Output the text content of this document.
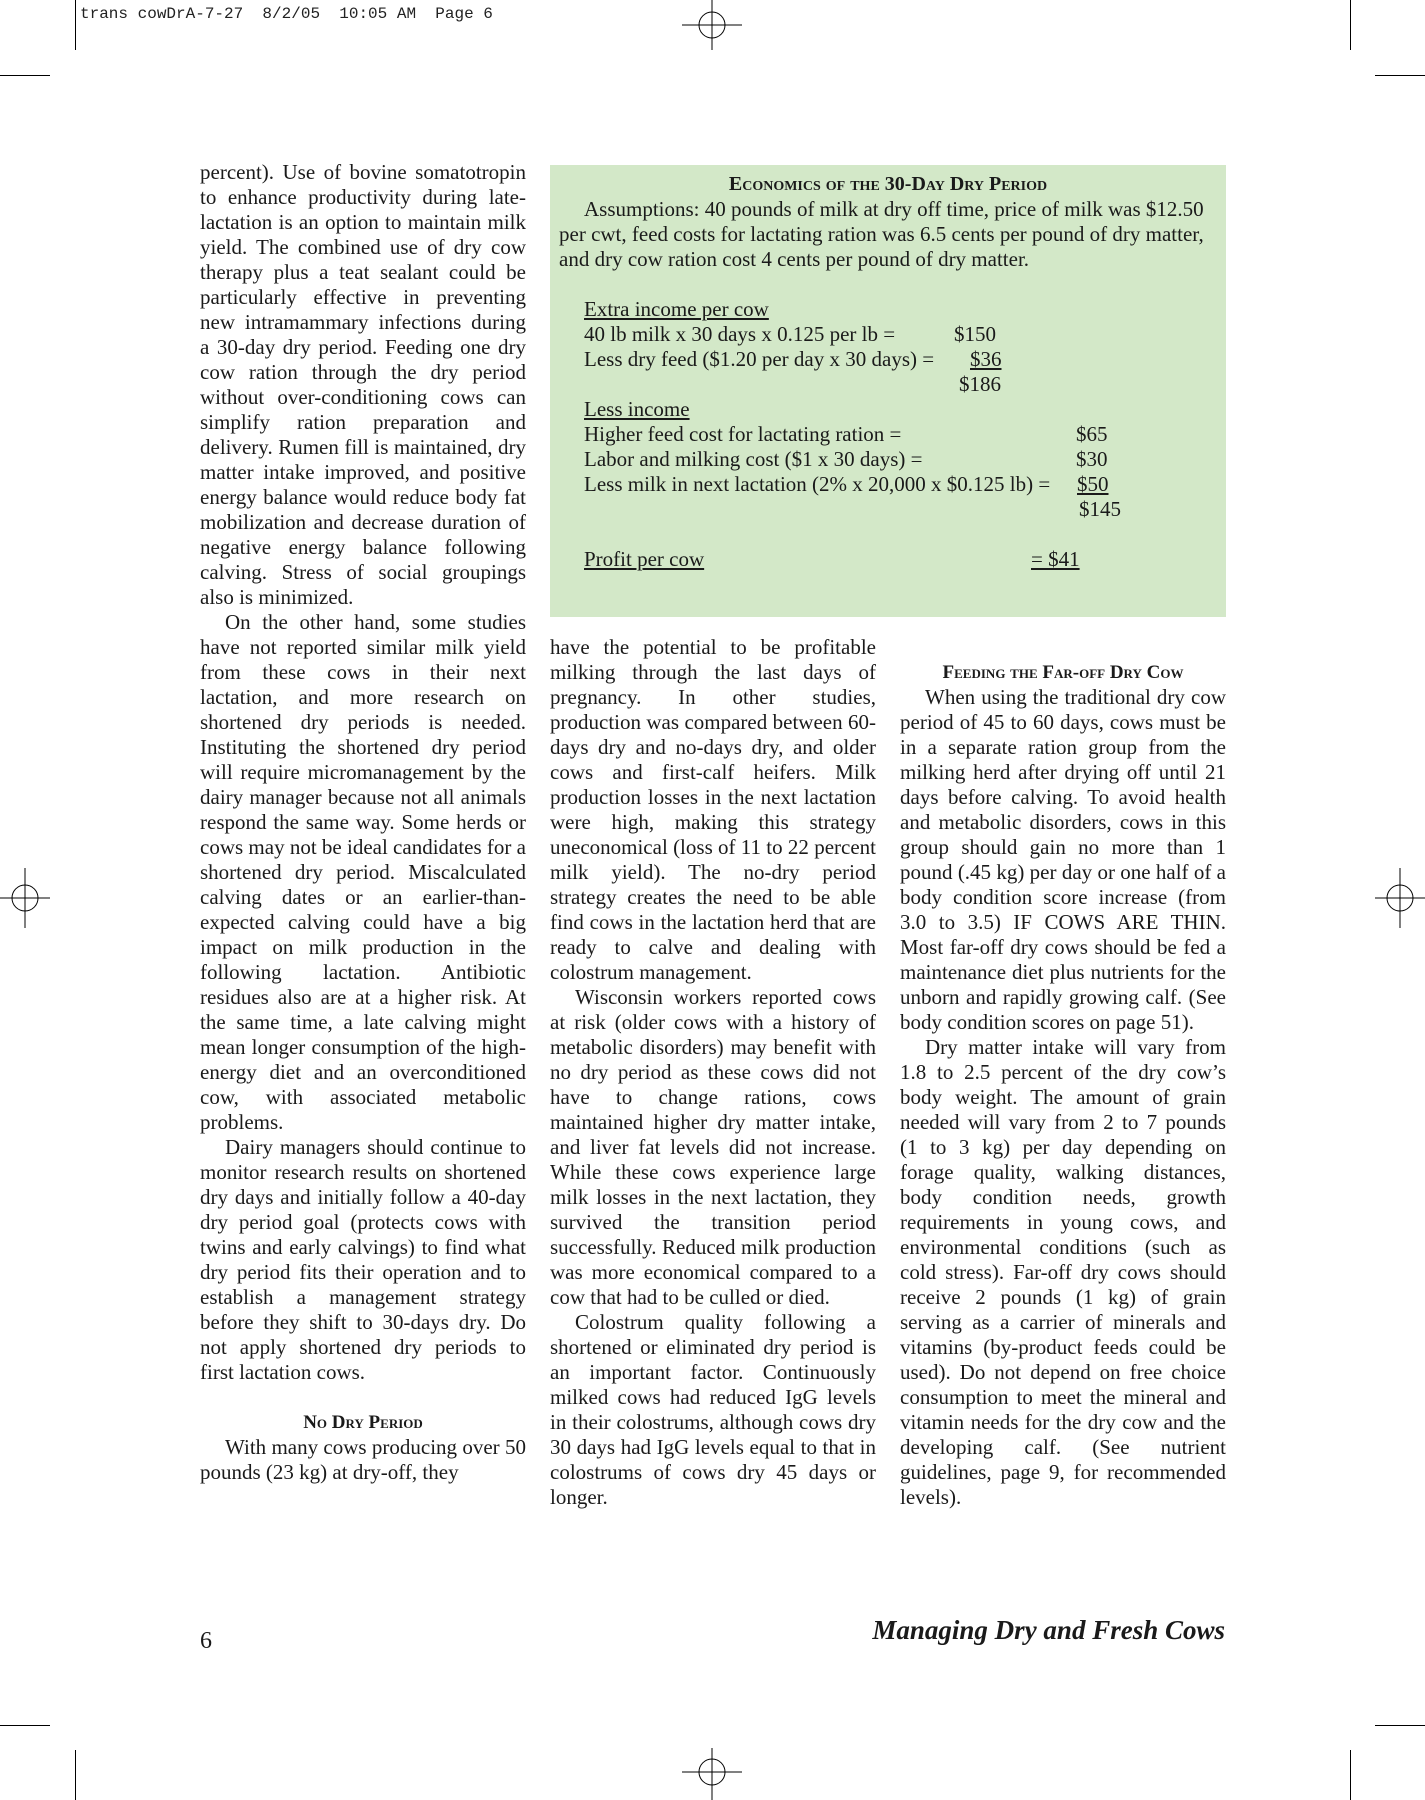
trans cowDrA-7-27  8/2/05  10:05 AM  Page 6

percent). Use of bovine somatotropin to enhance productivity during late-lactation is an option to maintain milk yield. The combined use of dry cow therapy plus a teat sealant could be particularly effective in preventing new intramammary infections during a 30-day dry period. Feeding one dry cow ration through the dry period without over-conditioning cows can simplify ration preparation and delivery. Rumen fill is maintained, dry matter intake improved, and positive energy balance would reduce body fat mobilization and decrease duration of negative energy balance following calving. Stress of social groupings also is minimized.

On the other hand, some studies have not reported similar milk yield from these cows in their next lactation, and more research on shortened dry periods is needed. Instituting the shortened dry period will require micromanagement by the dairy manager because not all animals respond the same way. Some herds or cows may not be ideal candidates for a shortened dry period. Miscalculated calving dates or an earlier-than-expected calving could have a big impact on milk production in the following lactation. Antibiotic residues also are at a higher risk. At the same time, a late calving might mean longer consumption of the high-energy diet and an overconditioned cow, with associated metabolic problems.

Dairy managers should continue to monitor research results on shortened dry days and initially follow a 40-day dry period goal (protects cows with twins and early calvings) to find what dry period fits their operation and to establish a management strategy before they shift to 30-days dry. Do not apply shortened dry periods to first lactation cows.

No Dry Period

With many cows producing over 50 pounds (23 kg) at dry-off, they

Economics of the 30-Day Dry Period

Assumptions: 40 pounds of milk at dry off time, price of milk was $12.50 per cwt, feed costs for lactating ration was 6.5 cents per pound of dry matter, and dry cow ration cost 4 cents per pound of dry matter.

Extra income per cow
40 lb milk x 30 days x 0.125 per lb =	$150
Less dry feed ($1.20 per day x 30 days) = $36
$186
Less income
Higher feed cost for lactating ration =	$65
Labor and milking cost ($1 x 30 days) =	$30
Less milk in next lactation (2% x 20,000 x $0.125 lb) = $50
$145
Profit per cow	= $41

have the potential to be profitable milking through the last days of pregnancy. In other studies, production was compared between 60-days dry and no-days dry, and older cows and first-calf heifers. Milk production losses in the next lactation were high, making this strategy uneconomical (loss of 11 to 22 percent milk yield). The no-dry period strategy creates the need to be able find cows in the lactation herd that are ready to calve and dealing with colostrum management.

Wisconsin workers reported cows at risk (older cows with a history of metabolic disorders) may benefit with no dry period as these cows did not have to change rations, cows maintained higher dry matter intake, and liver fat levels did not increase. While these cows experience large milk losses in the next lactation, they survived the transition period successfully. Reduced milk production was more economical compared to a cow that had to be culled or died.

Colostrum quality following a shortened or eliminated dry period is an important factor. Continuously milked cows had reduced IgG levels in their colostrums, although cows dry 30 days had IgG levels equal to that in colostrums of cows dry 45 days or longer.

Feeding the Far-off Dry Cow

When using the traditional dry cow period of 45 to 60 days, cows must be in a separate ration group from the milking herd after drying off until 21 days before calving. To avoid health and metabolic disorders, cows in this group should gain no more than 1 pound (.45 kg) per day or one half of a body condition score increase (from 3.0 to 3.5) IF COWS ARE THIN. Most far-off dry cows should be fed a maintenance diet plus nutrients for the unborn and rapidly growing calf. (See body condition scores on page 51).

Dry matter intake will vary from 1.8 to 2.5 percent of the dry cow’s body weight. The amount of grain needed will vary from 2 to 7 pounds (1 to 3 kg) per day depending on forage quality, walking distances, body condition needs, growth requirements in young cows, and environmental conditions (such as cold stress). Far-off dry cows should receive 2 pounds (1 kg) of grain serving as a carrier of minerals and vitamins (by-product feeds could be used). Do not depend on free choice consumption to meet the mineral and vitamin needs for the dry cow and the developing calf. (See nutrient guidelines, page 9, for recommended levels).

6	Managing Dry and Fresh Cows
